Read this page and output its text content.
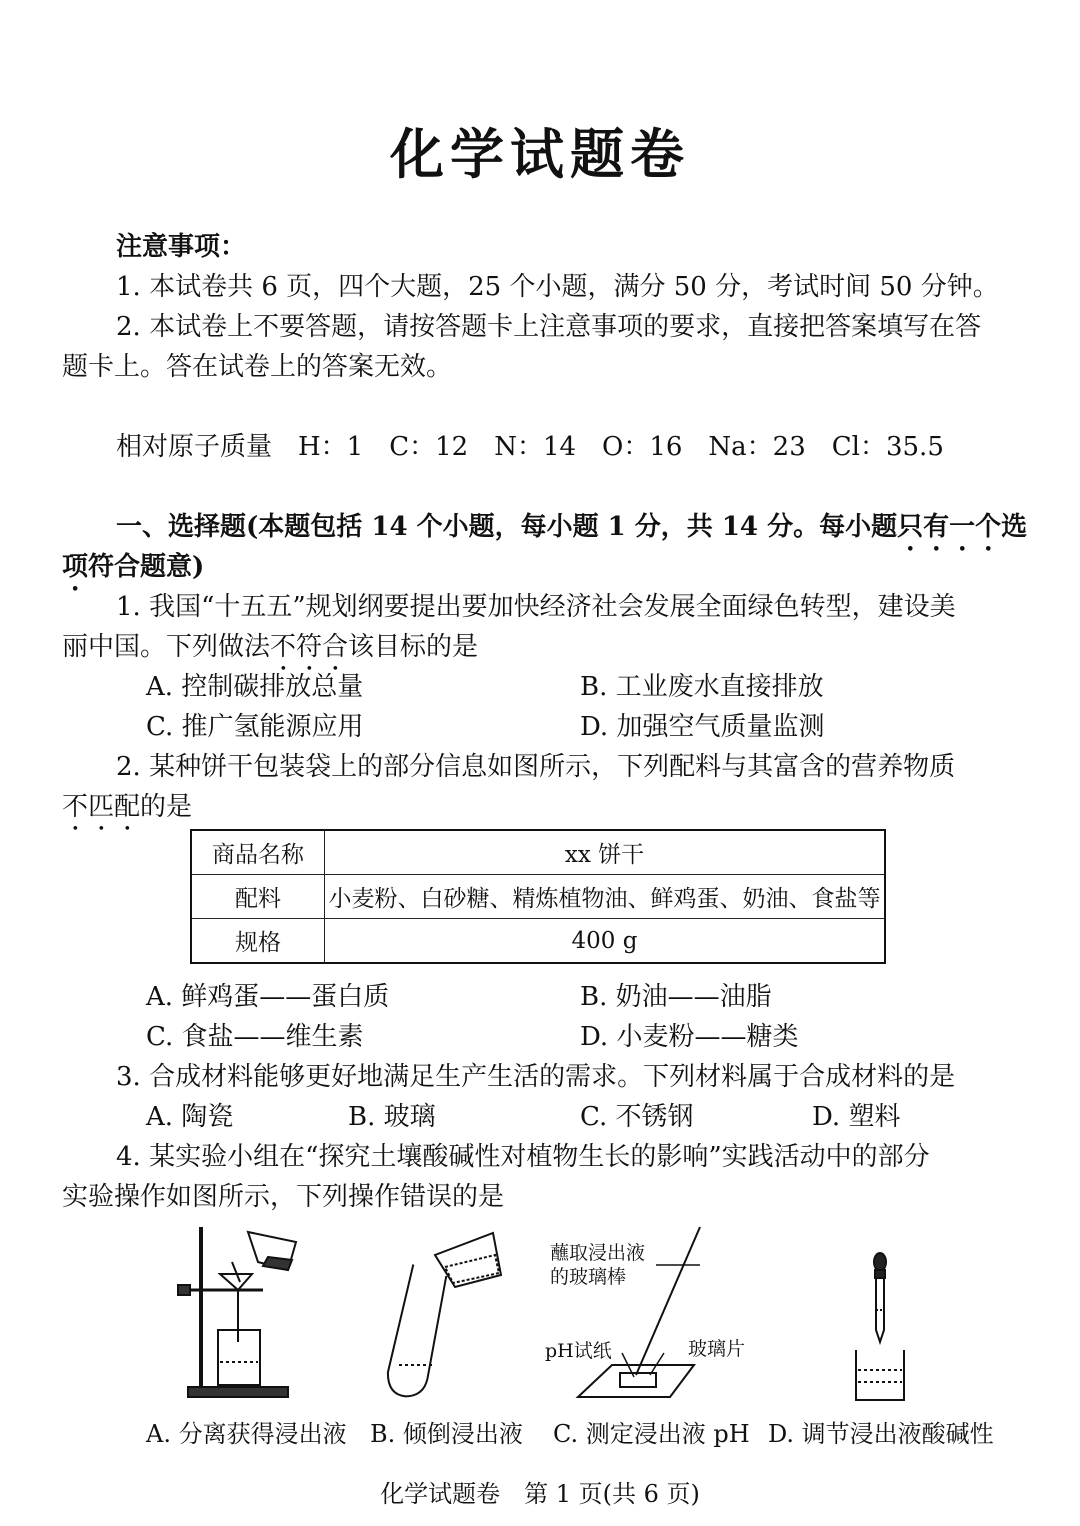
化学试题卷
注意事项：
1. 本试卷共 6 页，四个大题，25 个小题，满分 50 分，考试时间 50 分钟。
2. 本试卷上不要答题，请按答题卡上注意事项的要求，直接把答案填写在答
题卡上。答在试卷上的答案无效。
相对原子质量　H：1　C：12　N：14　O：16　Na：23　Cl：35.5
一、选择题(本题包括 14 个小题，每小题 1 分，共 14 分。每小题只有一个选
项符合题意)
1. 我国“十五五”规划纲要提出要加快经济社会发展全面绿色转型，建设美
丽中国。下列做法不符合该目标的是
A. 控制碳排放总量	B. 工业废水直接排放
C. 推广氢能源应用	D. 加强空气质量监测
2. 某种饼干包装袋上的部分信息如图所示，下列配料与其富含的营养物质
不匹配的是
商品名称	xx 饼干
配料	小麦粉、白砂糖、精炼植物油、鲜鸡蛋、奶油、食盐等
规格	400 g
A. 鲜鸡蛋——蛋白质	B. 奶油——油脂
C. 食盐——维生素	D. 小麦粉——糖类
3. 合成材料能够更好地满足生产生活的需求。下列材料属于合成材料的是
A. 陶瓷	B. 玻璃	C. 不锈钢	D. 塑料
4. 某实验小组在“探究土壤酸碱性对植物生长的影响”实践活动中的部分
实验操作如图所示，下列操作错误的是
蘸取浸出液
的玻璃棒
pH试纸	玻璃片
A. 分离获得浸出液 B. 倾倒浸出液 C. 测定浸出液 pH D. 调节浸出液酸碱性
化学试题卷　第 1 页(共 6 页)
